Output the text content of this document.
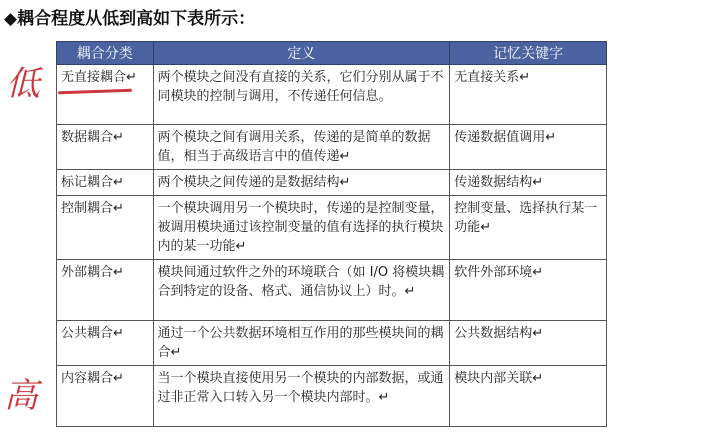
◆耦合程度从低到高如下表所示：
低
高
耦合分类	定义	记忆关键字
无直接耦合↵	两个模块之间没有直接的关系，它们分别从属于不同模块的控制与调用，不传递任何信息。	无直接关系↵
数据耦合↵	两个模块之间有调用关系，传递的是简单的数据值，相当于高级语言中的值传递↵	传递数据值调用↵
标记耦合↵	两个模块之间传递的是数据结构↵	传递数据结构↵
控制耦合↵	一个模块调用另一个模块时，传递的是控制变量，被调用模块通过该控制变量的值有选择的执行模块内的某一功能↵	控制变量、选择执行某一功能↵
外部耦合↵	模块间通过软件之外的环境联合（如 I/O 将模块耦合到特定的设备、格式、通信协议上）时。↵	软件外部环境↵
公共耦合↵	通过一个公共数据环境相互作用的那些模块间的耦合↵	公共数据结构↵
内容耦合↵	当一个模块直接使用另一个模块的内部数据，或通过非正常入口转入另一个模块内部时。↵	模块内部关联↵
